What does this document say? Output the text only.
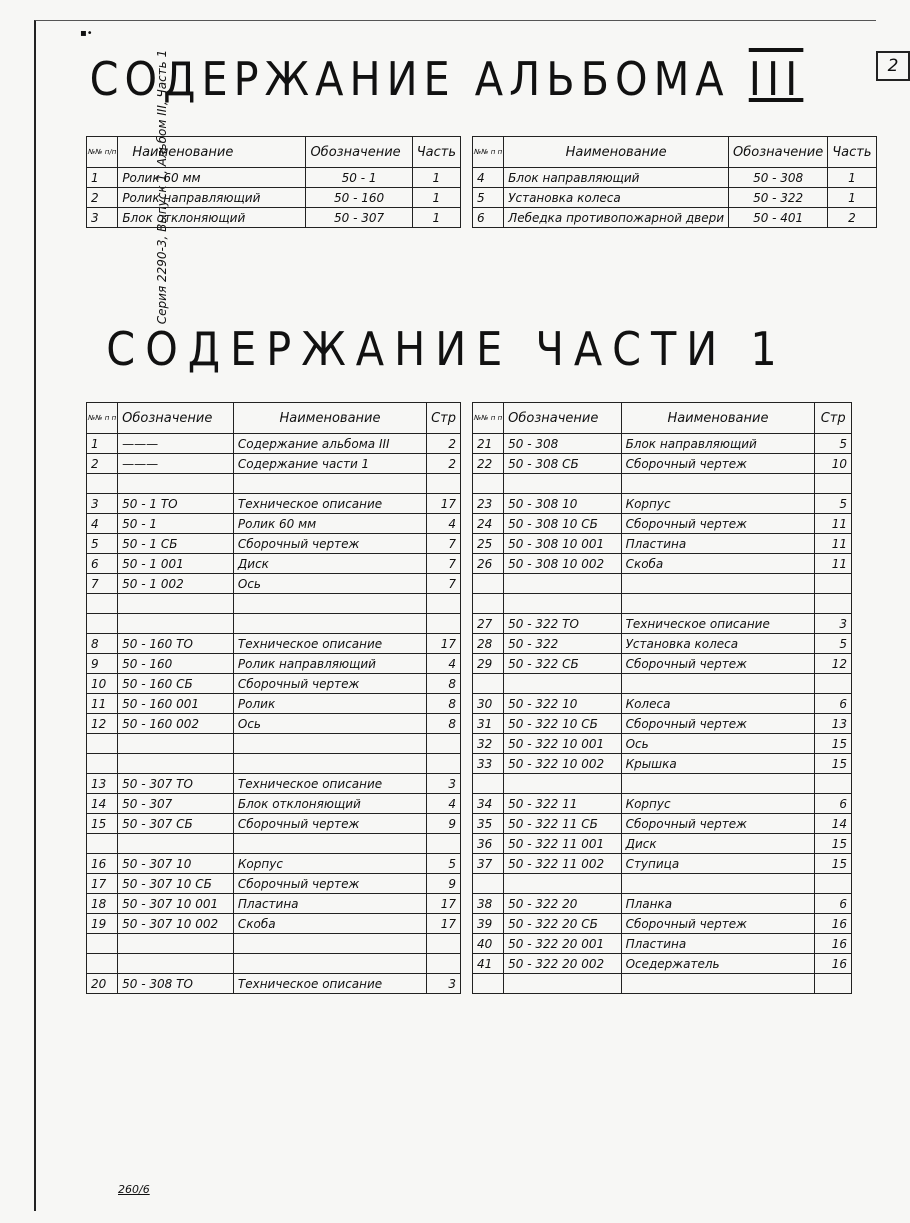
2
▪•
Серия 2290-3, Выпуск 1, Альбом III, Часть 1
СОДЕРЖАНИЕ АЛЬБОМА III
№№ п/п	Наименование	Обозначение	Часть
1	Ролик 60 мм	50 - 1	1
2	Ролик направляющий	50 - 160	1
3	Блок отклоняющий	50 - 307	1
№№ п п	Наименование	Обозначение	Часть
4	Блок направляющий	50 - 308	1
5	Установка колеса	50 - 322	1
6	Лебедка противопожарной двери	50 - 401	2
СОДЕРЖАНИЕ ЧАСТИ 1
№№ п п	Обозначение	Наименование	Стр
1	———	Содержание альбома III	2
2	———	Содержание части 1	2

3	50 - 1 ТО	Техническое описание	17
4	50 - 1	Ролик 60 мм	4
5	50 - 1 СБ	Сборочный чертеж	7
6	50 - 1 001	Диск	7
7	50 - 1 002	Ось	7

8	50 - 160 ТО	Техническое описание	17
9	50 - 160	Ролик направляющий	4
10	50 - 160 СБ	Сборочный чертеж	8
11	50 - 160 001	Ролик	8
12	50 - 160 002	Ось	8

13	50 - 307 ТО	Техническое описание	3
14	50 - 307	Блок отклоняющий	4
15	50 - 307 СБ	Сборочный чертеж	9

16	50 - 307 10	Корпус	5
17	50 - 307 10 СБ	Сборочный чертеж	9
18	50 - 307 10 001	Пластина	17
19	50 - 307 10 002	Скоба	17

20	50 - 308 ТО	Техническое описание	3
№№ п п	Обозначение	Наименование	Стр
21	50 - 308	Блок направляющий	5
22	50 - 308 СБ	Сборочный чертеж	10

23	50 - 308 10	Корпус	5
24	50 - 308 10 СБ	Сборочный чертеж	11
25	50 - 308 10 001	Пластина	11
26	50 - 308 10 002	Скоба	11

27	50 - 322 ТО	Техническое описание	3
28	50 - 322	Установка колеса	5
29	50 - 322 СБ	Сборочный чертеж	12

30	50 - 322 10	Колеса	6
31	50 - 322 10 СБ	Сборочный чертеж	13
32	50 - 322 10 001	Ось	15
33	50 - 322 10 002	Крышка	15

34	50 - 322 11	Корпус	6
35	50 - 322 11 СБ	Сборочный чертеж	14
36	50 - 322 11 001	Диск	15
37	50 - 322 11 002	Ступица	15

38	50 - 322 20	Планка	6
39	50 - 322 20 СБ	Сборочный чертеж	16
40	50 - 322 20 001	Пластина	16
41	50 - 322 20 002	Оседержатель	16

260/6
